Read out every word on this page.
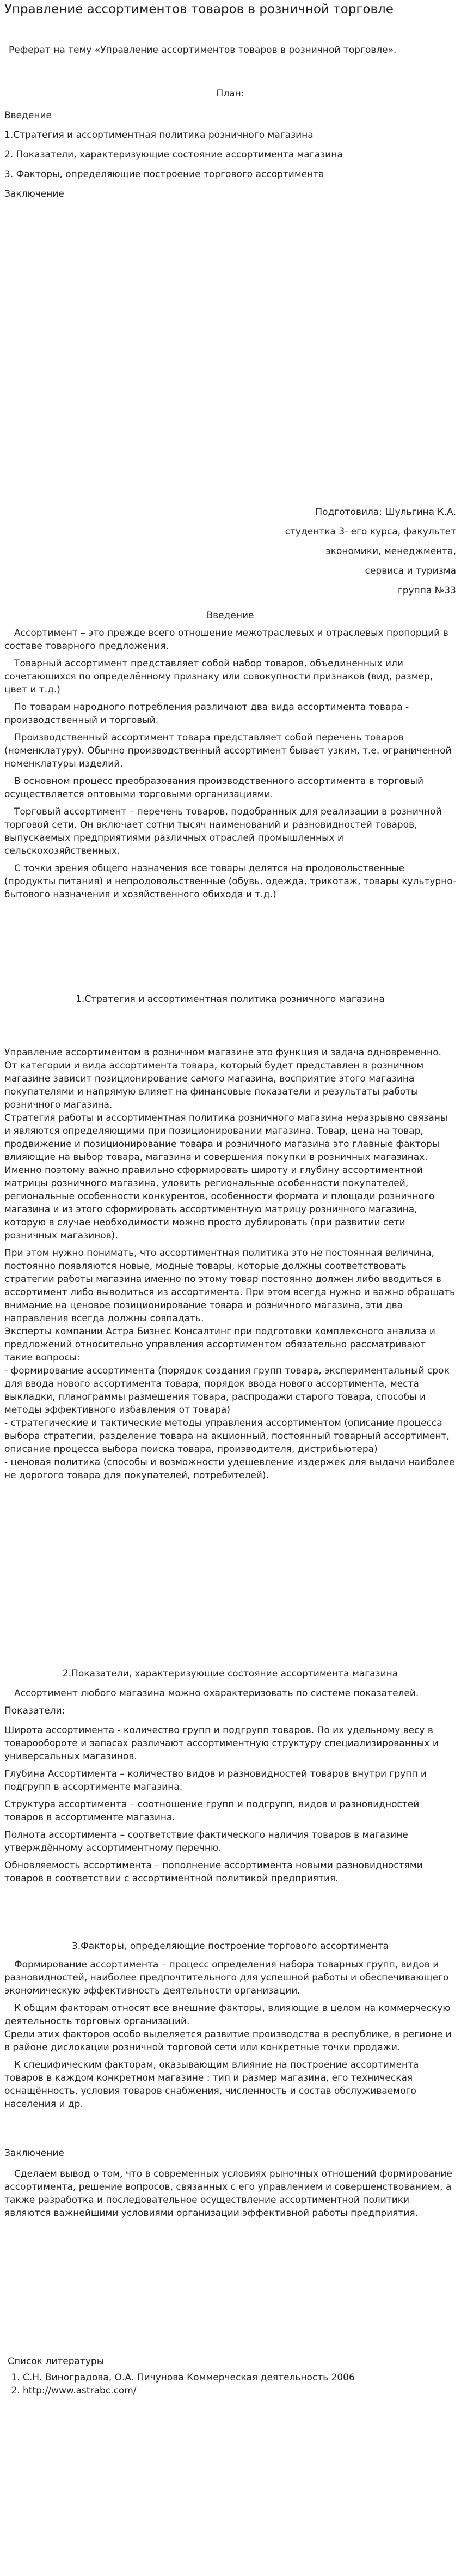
Управление ассортиментов товаров в розничной торговле

Реферат на тему «Управление ассортиментов товаров в розничной торговле».

План:

Введение

1.Стратегия и ассортиментная политика розничного магазина

2. Показатели, характеризующие состояние ассортимента магазина

3. Факторы, определяющие построение торгового ассортимента

Заключение

Подготовила: Шульгина К.А.

студентка 3- его курса, факультет

экономики, менеджмента,

сервиса и туризма

группа №33

Введение

Ассортимент – это прежде всего отношение межотраслевых и отраслевых пропорций в составе товарного предложения.

Товарный ассортимент представляет собой набор товаров, объединенных или сочетающихся по определённому признаку или совокупности признаков (вид, размер, цвет и т.д.)

По товарам народного потребления различают два вида ассортимента товара - производственный и торговый.

Производственный ассортимент товара представляет собой перечень товаров (номенклатуру). Обычно производственный ассортимент бывает узким, т.е. ограниченной номенклатуры изделий.

В основном процесс преобразования производственного ассортимента в торговый осуществляется оптовыми торговыми организациями.

Торговый ассортимент – перечень товаров, подобранных для реализации в розничной торговой сети. Он включает сотни тысяч наименований и разновидностей товаров, выпускаемых предприятиями различных отраслей промышленных и сельскохозяйственных.

С точки зрения общего назначения все товары делятся на продовольственные (продукты питания) и непродовольственные (обувь, одежда, трикотаж, товары культурно-бытового назначения и хозяйственного обихода и т.д.)

1.Стратегия и ассортиментная политика розничного магазина

Управление ассортиментом в розничном магазине это функция и задача одновременно. От категории и вида ассортимента товара, который будет представлен в розничном магазине зависит позиционирование самого магазина, восприятие этого магазина покупателями и напрямую влияет на финансовые показатели и результаты работы розничного магазина.

Стратегия работы и ассортиментная политика розничного магазина неразрывно связаны и являются определяющими при позиционировании магазина. Товар, цена на товар, продвижение и позиционирование товара и розничного магазина это главные факторы влияющие на выбор товара, магазина и совершения покупки в розничных магазинах.

Именно поэтому важно правильно сформировать широту и глубину ассортиментной матрицы розничного магазина, уловить региональные особенности покупателей, региональные особенности конкурентов, особенности формата и площади розничного магазина и из этого сформировать ассортиментную матрицу розничного магазина, которую в случае необходимости можно просто дублировать (при развитии сети розничных магазинов).

При этом нужно понимать, что ассортиментная политика это не постоянная величина, постоянно появляются новые, модные товары, которые должны соответствовать стратегии работы магазина именно по этому товар постоянно должен либо вводиться в ассортимент либо выводиться из ассортимента. При этом всегда нужно и важно обращать внимание на ценовое позиционирование товара и розничного магазина, эти два направления всегда должны совпадать.

Эксперты компании Астра Бизнес Консалтинг при подготовки комплексного анализа и предложений относительно управления ассортиментом обязательно рассматривают такие вопросы:

- формирование ассортимента (порядок создания групп товара, экспериментальный срок для ввода нового ассортимента товара, порядок ввода нового ассортимента, места выкладки, планограммы размещения товара, распродажи старого товара, способы и методы эффективного избавления от товара)

- стратегические и тактические методы управления ассортиментом (описание процесса выбора стратегии, разделение товара на акционный, постоянный товарный ассортимент, описание процесса выбора поиска товара, производителя, дистрибьютера)

- ценовая политика (способы и возможности удешевление издержек для выдачи наиболее не дорогого товара для покупателей, потребителей).

2.Показатели, характеризующие состояние ассортимента магазина

Ассортимент любого магазина можно охарактеризовать по системе показателей.

Показатели:

Широта ассортимента - количество групп и подгрупп товаров. По их удельному весу в товарообороте и запасах различают ассортиментную структуру специализированных и универсальных магазинов.

Глубина Ассортимента – количество видов и разновидностей товаров внутри групп и подгрупп в ассортименте магазина.

Структура ассортимента – соотношение групп и подгрупп, видов и разновидностей товаров в ассортименте магазина.

Полнота ассортимента – соответствие фактического наличия товаров в магазине утверждённому ассортиментному перечню.

Обновляемость ассортимента – пополнение ассортимента новыми разновидностями товаров в соответствии с ассортиментной политикой предприятия.

3.Факторы, определяющие построение торгового ассортимента

Формирование ассортимента – процесс определения набора товарных групп, видов и разновидностей, наиболее предпочтительного для успешной работы и обеспечивающего экономическую эффективность деятельности организации.

К общим факторам относят все внешние факторы, влияющие в целом на коммерческую деятельность торговых организаций.

Среди этих факторов особо выделяется развитие производства в республике, в регионе и в районе дислокации розничной торговой сети или конкретные точки продажи.

К специфическим факторам, оказывающим влияние на построение ассортимента товаров в каждом конкретном магазине : тип и размер магазина, его техническая оснащённость, условия товаров снабжения, численность и состав обслуживаемого населения и др.

Заключение

Сделаем вывод о том, что в современных условиях рыночных отношений формирование ассортимента, решение вопросов, связанных с его управлением и совершенствованием, а также разработка и последовательное осуществление ассортиментной политики являются важнейшими условиями организации эффективной работы предприятия.

Список литературы

1. С.Н. Виноградова, О.А. Пичунова Коммерческая деятельность 2006
2. http://www.astrabc.com/
